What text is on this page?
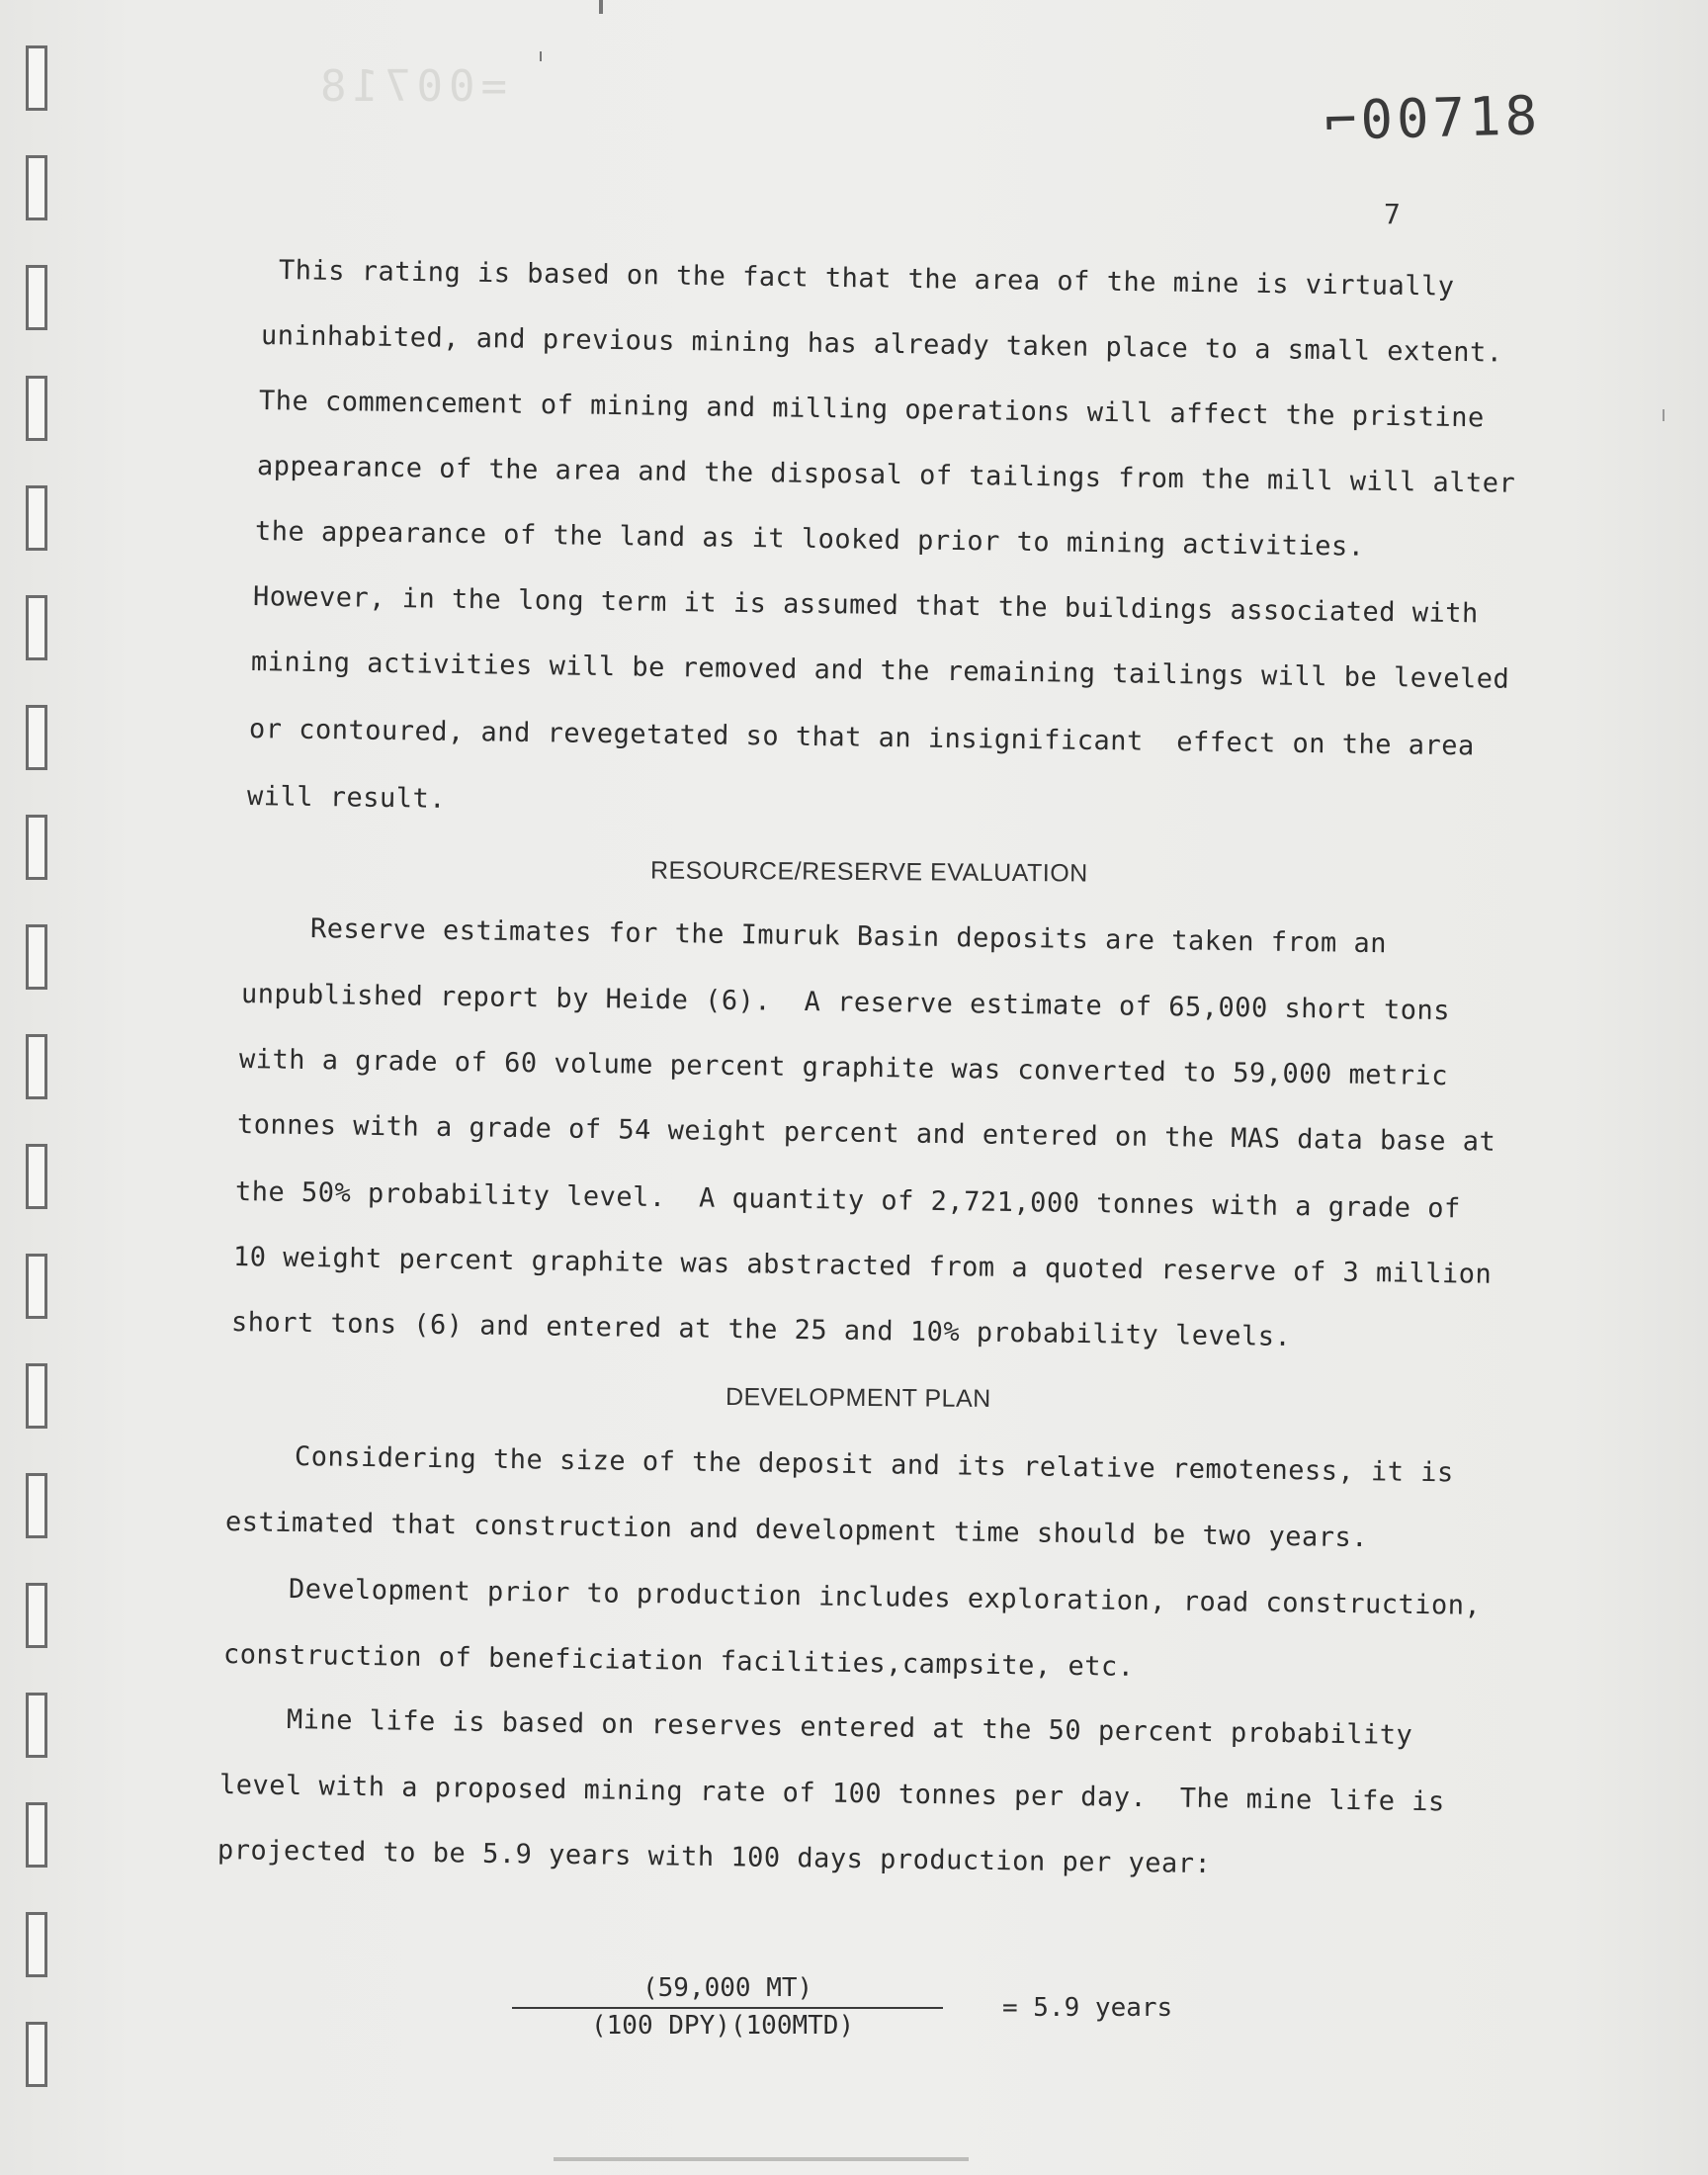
=00718	⌐00718
7
This rating is based on the fact that the area of the mine is virtually
uninhabited, and previous mining has already taken place to a small extent.
The commencement of mining and milling operations will affect the pristine
appearance of the area and the disposal of tailings from the mill will alter
the appearance of the land as it looked prior to mining activities.
However, in the long term it is assumed that the buildings associated with
mining activities will be removed and the remaining tailings will be leveled
or contoured, and revegetated so that an insignificant  effect on the area
will result.
RESOURCE/RESERVE EVALUATION
Reserve estimates for the Imuruk Basin deposits are taken from an
unpublished report by Heide (6).  A reserve estimate of 65,000 short tons
with a grade of 60 volume percent graphite was converted to 59,000 metric
tonnes with a grade of 54 weight percent and entered on the MAS data base at
the 50% probability level.  A quantity of 2,721,000 tonnes with a grade of
10 weight percent graphite was abstracted from a quoted reserve of 3 million
short tons (6) and entered at the 25 and 10% probability levels.
DEVELOPMENT PLAN
Considering the size of the deposit and its relative remoteness, it is
estimated that construction and development time should be two years.
Development prior to production includes exploration, road construction,
construction of beneficiation facilities,campsite, etc.
Mine life is based on reserves entered at the 50 percent probability
level with a proposed mining rate of 100 tonnes per day.  The mine life is
projected to be 5.9 years with 100 days production per year:
(59,000 MT)
(100 DPY)(100MTD)
= 5.9 years
